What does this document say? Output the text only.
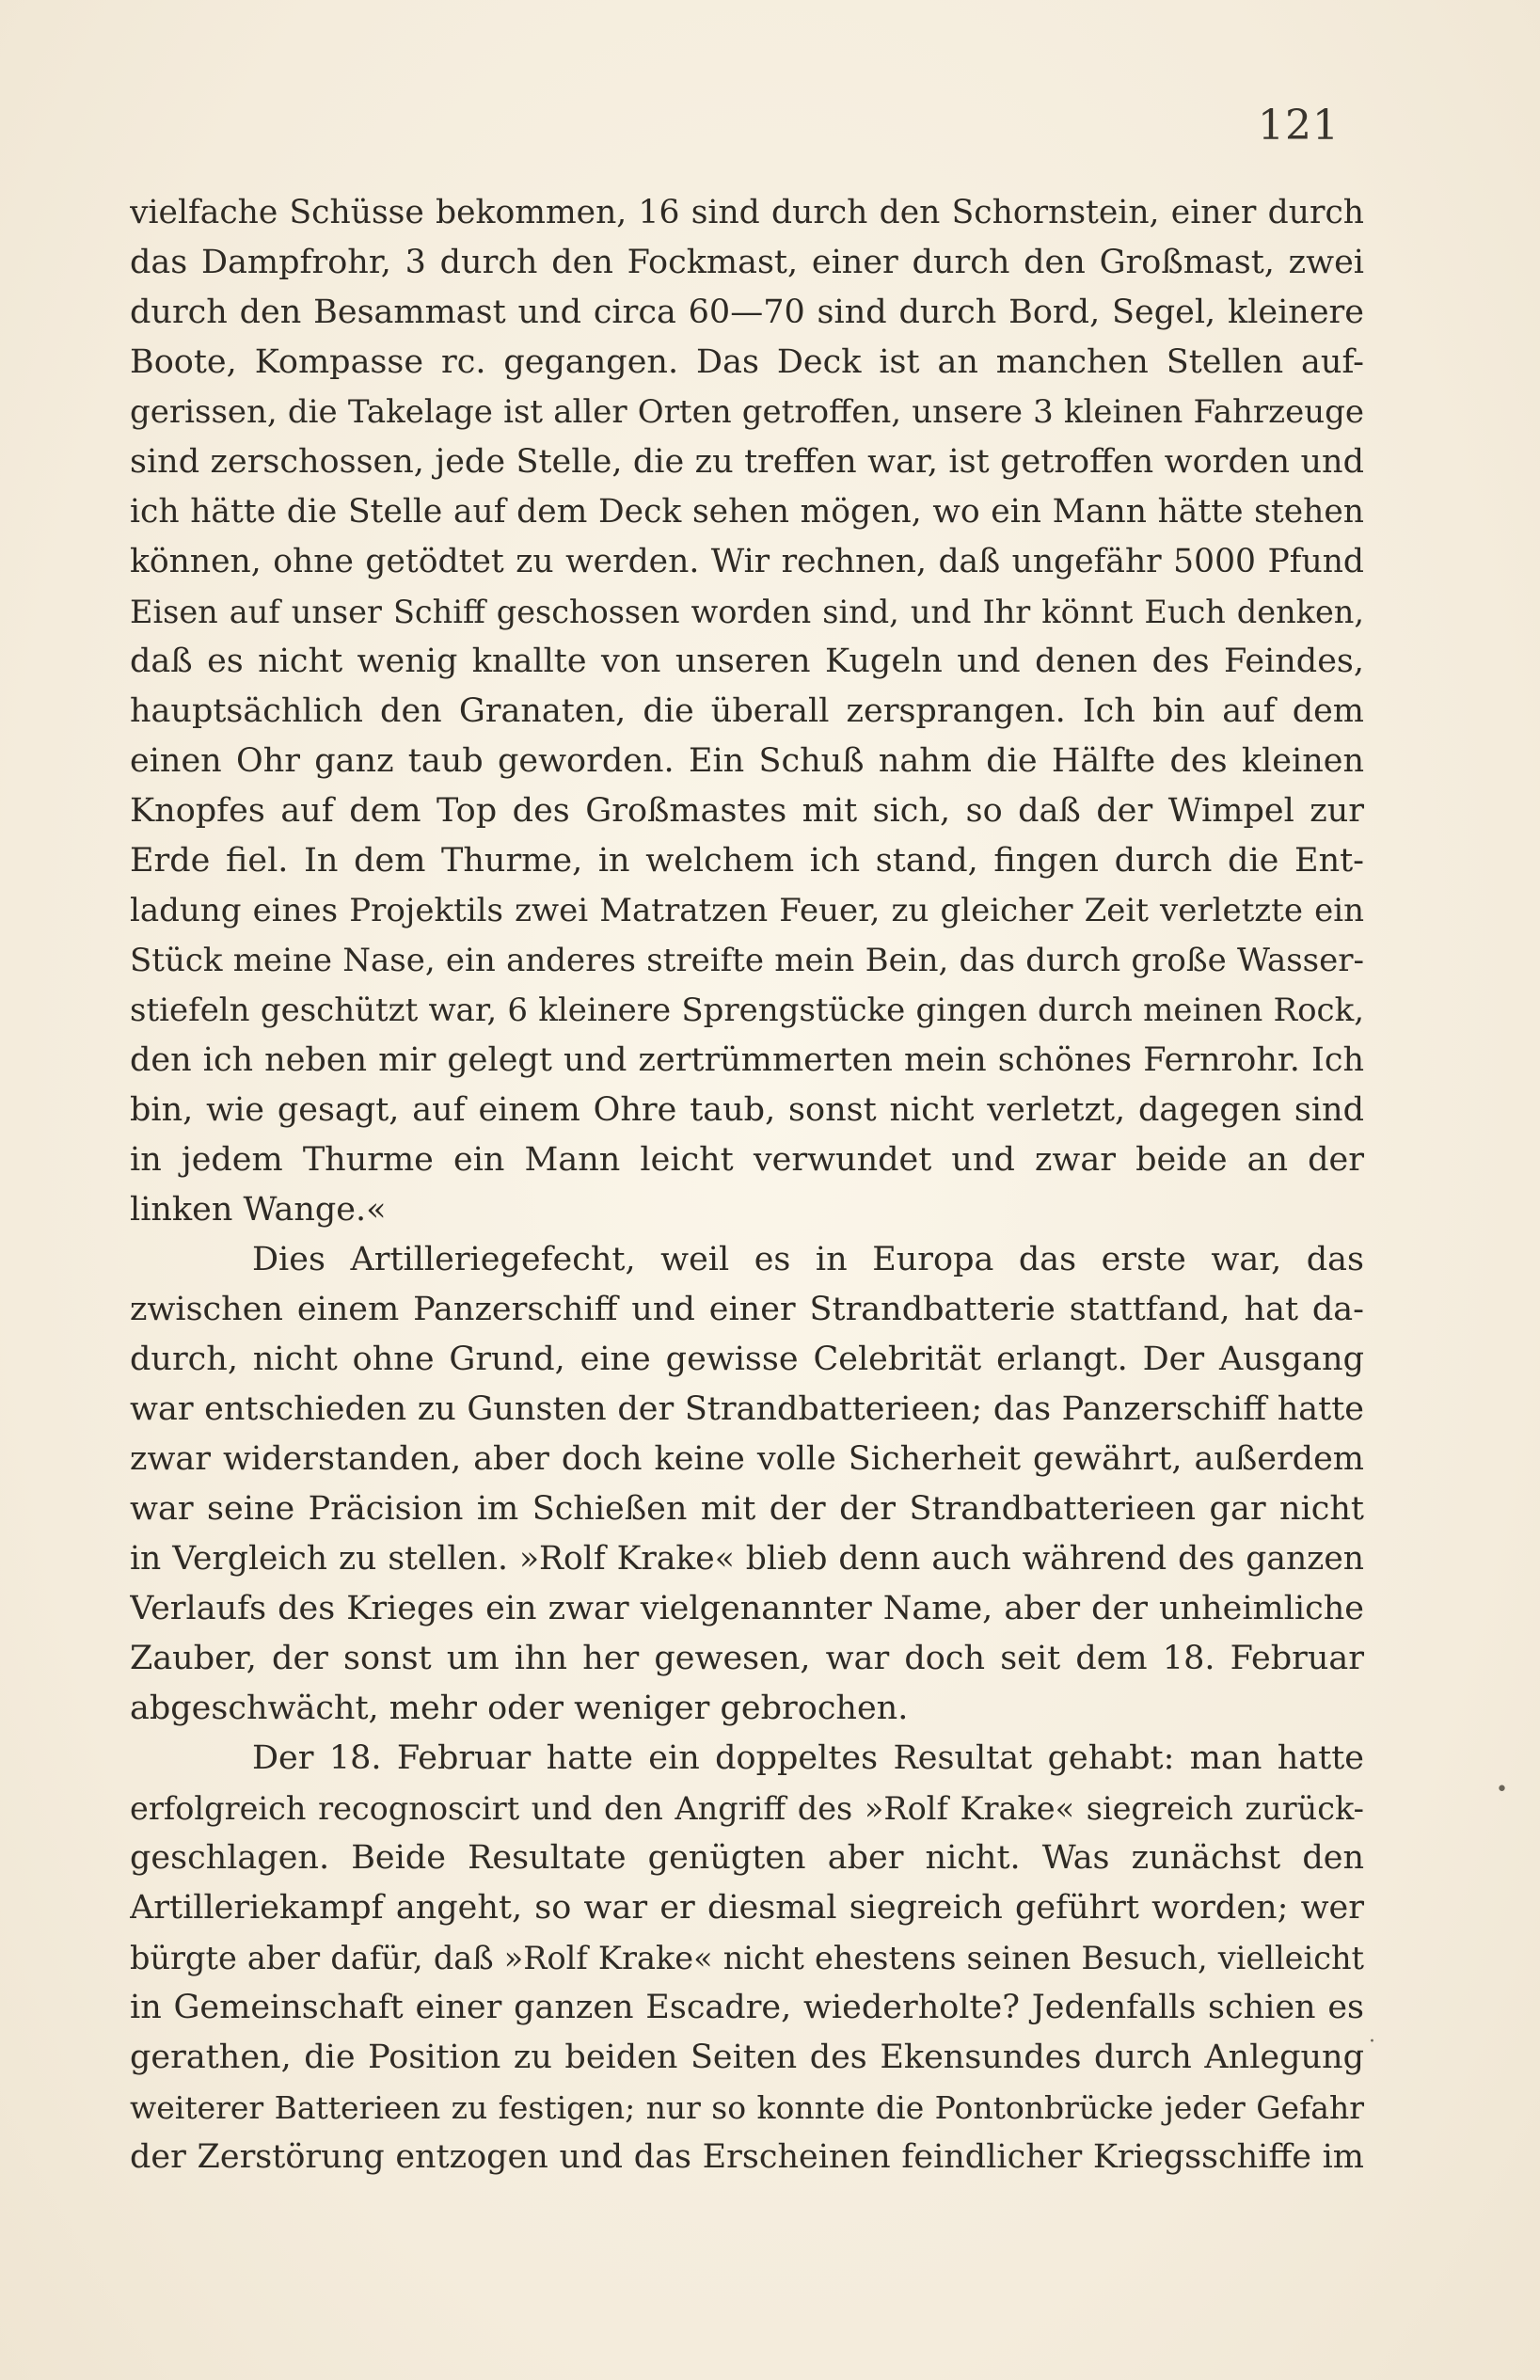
121
vielfache Schüsse bekommen, 16 sind durch den Schornstein, einer durch
das Dampfrohr, 3 durch den Fockmast, einer durch den Großmast, zwei
durch den Besammast und circa 60—70 sind durch Bord, Segel, kleinere
Boote, Kompasse rc. gegangen. Das Deck ist an manchen Stellen auf-
gerissen, die Takelage ist aller Orten getroffen, unsere 3 kleinen Fahrzeuge
sind zerschossen, jede Stelle, die zu treffen war, ist getroffen worden und
ich hätte die Stelle auf dem Deck sehen mögen, wo ein Mann hätte stehen
können, ohne getödtet zu werden. Wir rechnen, daß ungefähr 5000 Pfund
Eisen auf unser Schiff geschossen worden sind, und Ihr könnt Euch denken,
daß es nicht wenig knallte von unseren Kugeln und denen des Feindes,
hauptsächlich den Granaten, die überall zersprangen. Ich bin auf dem
einen Ohr ganz taub geworden. Ein Schuß nahm die Hälfte des kleinen
Knopfes auf dem Top des Großmastes mit sich, so daß der Wimpel zur
Erde fiel. In dem Thurme, in welchem ich stand, fingen durch die Ent-
ladung eines Projektils zwei Matratzen Feuer, zu gleicher Zeit verletzte ein
Stück meine Nase, ein anderes streifte mein Bein, das durch große Wasser-
stiefeln geschützt war, 6 kleinere Sprengstücke gingen durch meinen Rock,
den ich neben mir gelegt und zertrümmerten mein schönes Fernrohr. Ich
bin, wie gesagt, auf einem Ohre taub, sonst nicht verletzt, dagegen sind
in jedem Thurme ein Mann leicht verwundet und zwar beide an der
linken Wange.«
Dies Artilleriegefecht, weil es in Europa das erste war, das
zwischen einem Panzerschiff und einer Strandbatterie stattfand, hat da-
durch, nicht ohne Grund, eine gewisse Celebrität erlangt. Der Ausgang
war entschieden zu Gunsten der Strandbatterieen; das Panzerschiff hatte
zwar widerstanden, aber doch keine volle Sicherheit gewährt, außerdem
war seine Präcision im Schießen mit der der Strandbatterieen gar nicht
in Vergleich zu stellen. »Rolf Krake« blieb denn auch während des ganzen
Verlaufs des Krieges ein zwar vielgenannter Name, aber der unheimliche
Zauber, der sonst um ihn her gewesen, war doch seit dem 18. Februar
abgeschwächt, mehr oder weniger gebrochen.
Der 18. Februar hatte ein doppeltes Resultat gehabt: man hatte
erfolgreich recognoscirt und den Angriff des »Rolf Krake« siegreich zurück-
geschlagen. Beide Resultate genügten aber nicht. Was zunächst den
Artilleriekampf angeht, so war er diesmal siegreich geführt worden; wer
bürgte aber dafür, daß »Rolf Krake« nicht ehestens seinen Besuch, vielleicht
in Gemeinschaft einer ganzen Escadre, wiederholte? Jedenfalls schien es
gerathen, die Position zu beiden Seiten des Ekensundes durch Anlegung
weiterer Batterieen zu festigen; nur so konnte die Pontonbrücke jeder Gefahr
der Zerstörung entzogen und das Erscheinen feindlicher Kriegsschiffe im
•
·
